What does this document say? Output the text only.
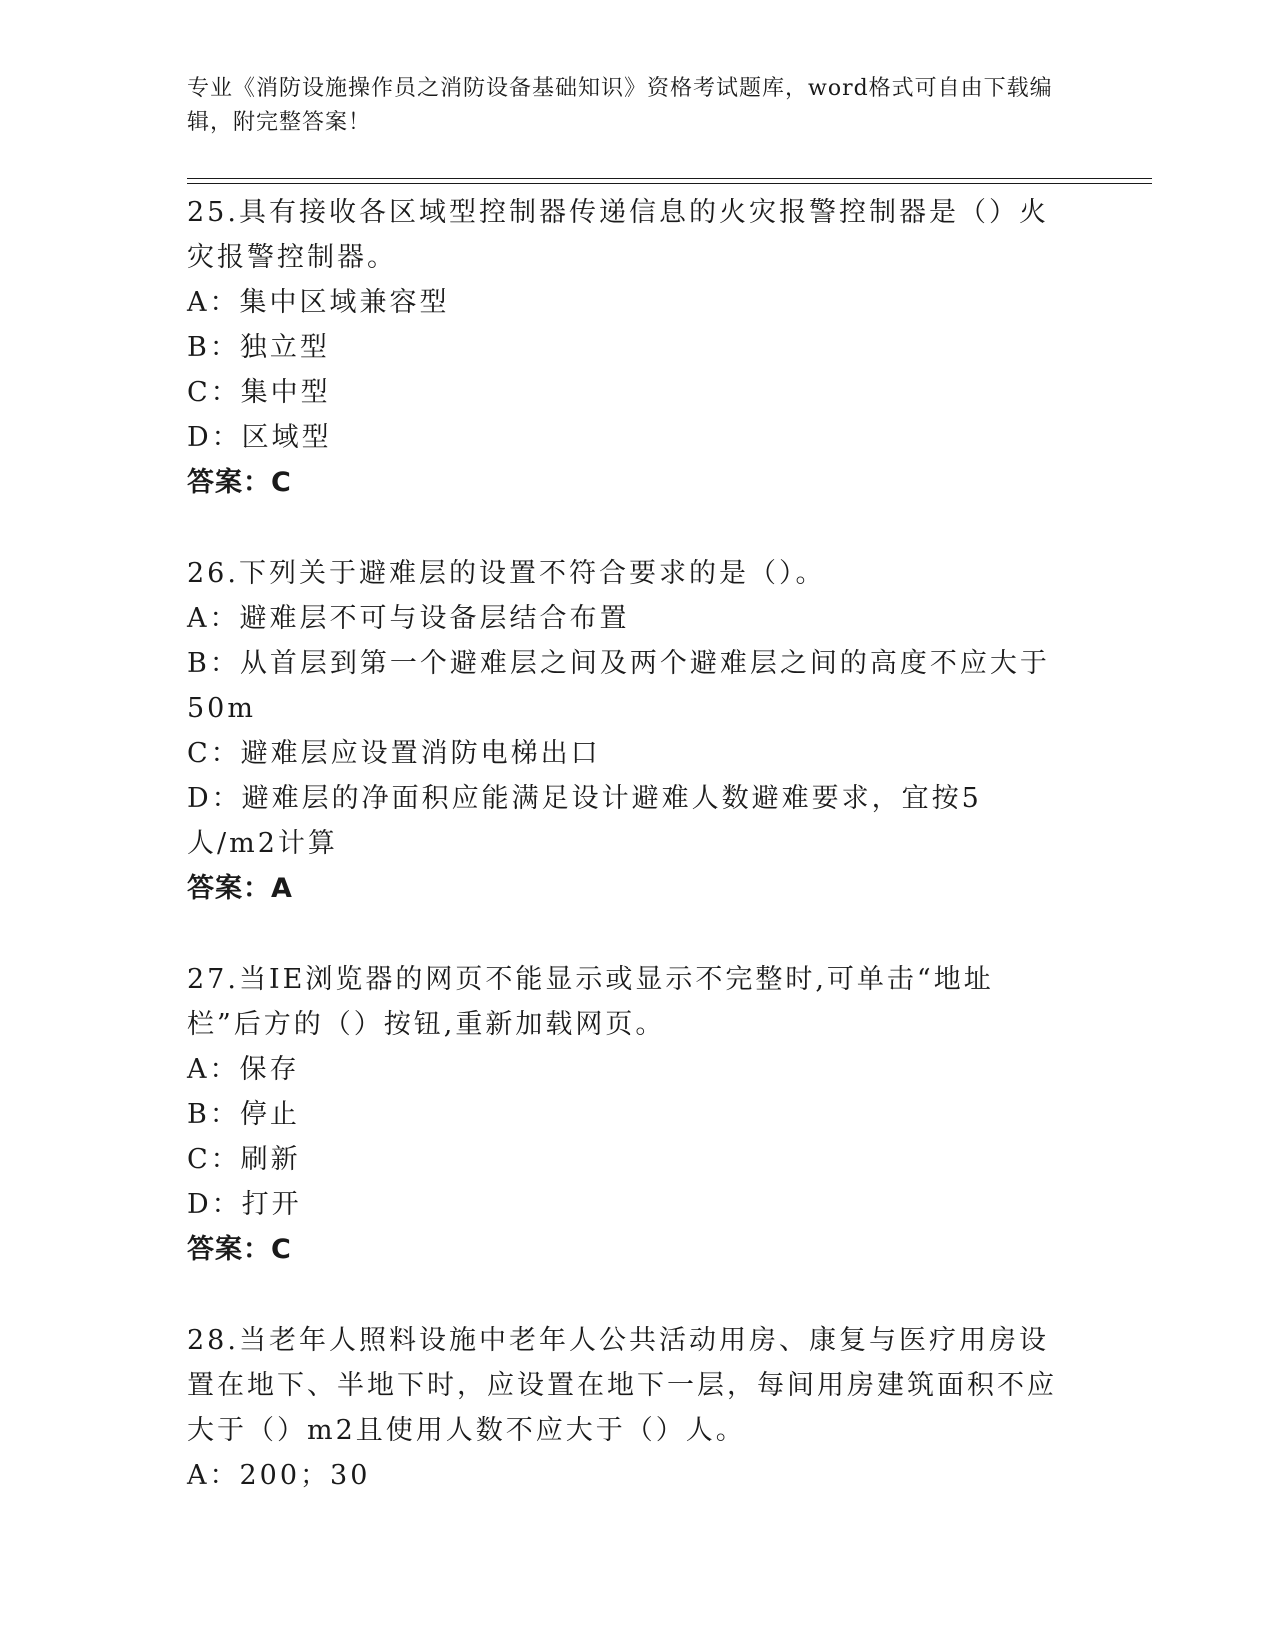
专业《消防设施操作员之消防设备基础知识》资格考试题库，word格式可自由下载编辑，附完整答案！

25.具有接收各区域型控制器传递信息的火灾报警控制器是（）火灾报警控制器。

A：集中区域兼容型

B：独立型

C：集中型

D：区域型

答案：C

26.下列关于避难层的设置不符合要求的是（）。

A：避难层不可与设备层结合布置

B：从首层到第一个避难层之间及两个避难层之间的高度不应大于50m

C：避难层应设置消防电梯出口

D：避难层的净面积应能满足设计避难人数避难要求，宜按5人/m2计算

答案：A

27.当IE浏览器的网页不能显示或显示不完整时,可单击“地址栏”后方的（）按钮,重新加载网页。

A：保存

B：停止

C：刷新

D：打开

答案：C

28.当老年人照料设施中老年人公共活动用房、康复与医疗用房设置在地下、半地下时，应设置在地下一层，每间用房建筑面积不应大于（）m2且使用人数不应大于（）人。

A：200；30
